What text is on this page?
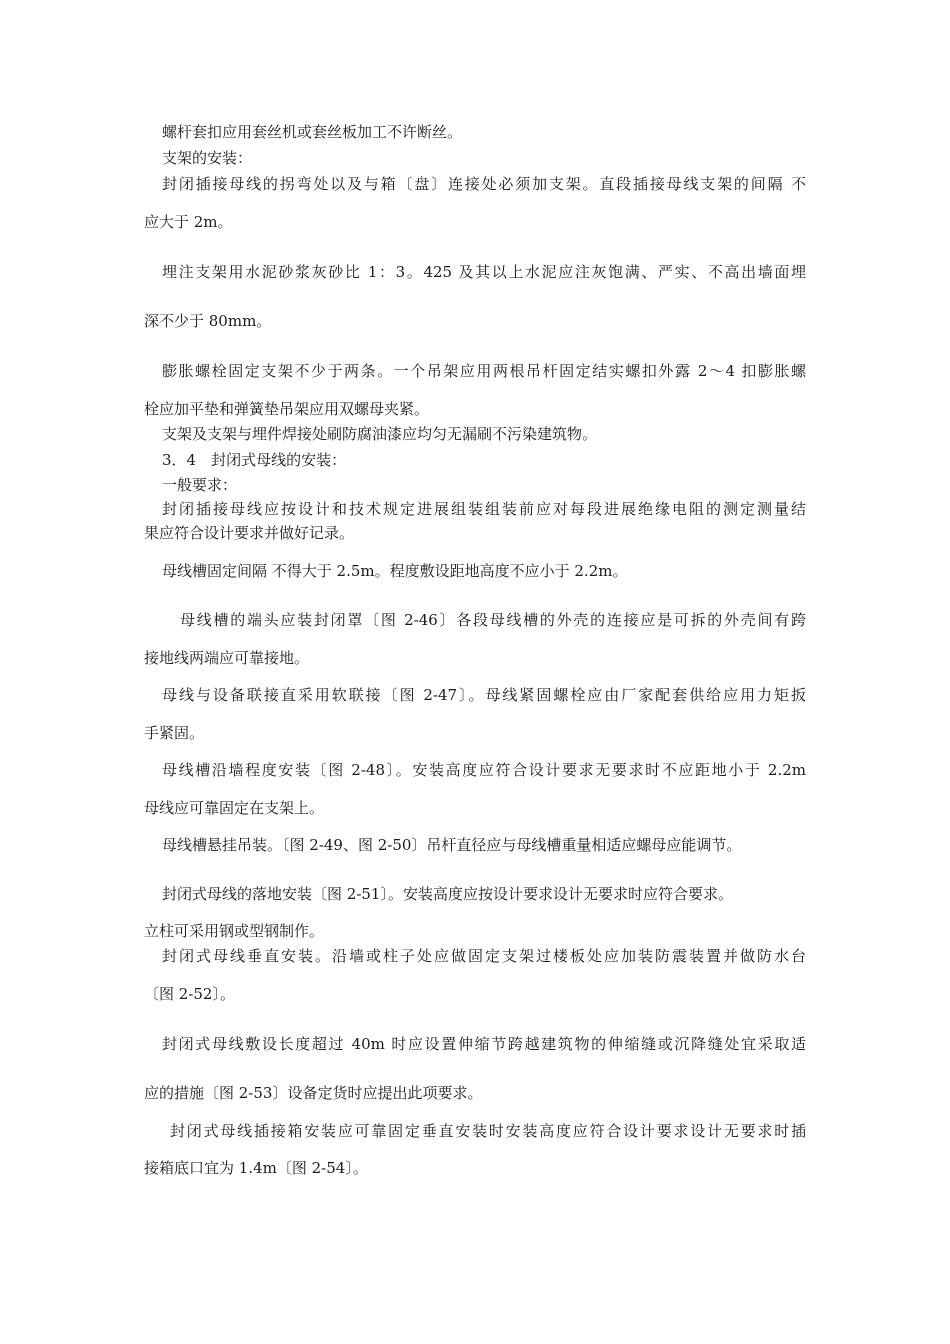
螺杆套扣应用套丝机或套丝板加工不许断丝。
支架的安装：
封闭插接母线的拐弯处以及与箱〔盘〕连接处必须加支架。直段插接母线支架的间隔 不
应大于 2m。
埋注支架用水泥砂浆灰砂比 1：3。425 及其以上水泥应注灰饱满、严实、不高出墙面埋
深不少于 80mm。
膨胀螺栓固定支架不少于两条。一个吊架应用两根吊杆固定结实螺扣外露 2～4 扣膨胀螺
栓应加平垫和弹簧垫吊架应用双螺母夹紧。
支架及支架与埋件焊接处刷防腐油漆应均匀无漏刷不污染建筑物。
3．4　封闭式母线的安装：
一般要求：
封闭插接母线应按设计和技术规定进展组装组装前应对每段进展绝缘电阻的测定测量结
果应符合设计要求并做好记录。
母线槽固定间隔 不得大于 2.5m。程度敷设距地高度不应小于 2.2m。
母线槽的端头应装封闭罩〔图 2-46〕各段母线槽的外壳的连接应是可拆的外壳间有跨
接地线两端应可靠接地。
母线与设备联接直采用软联接〔图 2-47〕。母线紧固螺栓应由厂家配套供给应用力矩扳
手紧固。
母线槽沿墙程度安装〔图 2-48〕。安装高度应符合设计要求无要求时不应距地小于 2.2m
母线应可靠固定在支架上。
母线槽悬挂吊装。〔图 2-49、图 2-50〕吊杆直径应与母线槽重量相适应螺母应能调节。
封闭式母线的落地安装〔图 2-51〕。安装高度应按设计要求设计无要求时应符合要求。
立柱可采用钢或型钢制作。
封闭式母线垂直安装。沿墙或柱子处应做固定支架过楼板处应加装防震装置并做防水台
〔图 2-52〕。
封闭式母线敷设长度超过 40m 时应设置伸缩节跨越建筑物的伸缩缝或沉降缝处宜采取适
应的措施〔图 2-53〕设备定货时应提出此项要求。
封闭式母线插接箱安装应可靠固定垂直安装时安装高度应符合设计要求设计无要求时插
接箱底口宜为 1.4m〔图 2-54〕。
